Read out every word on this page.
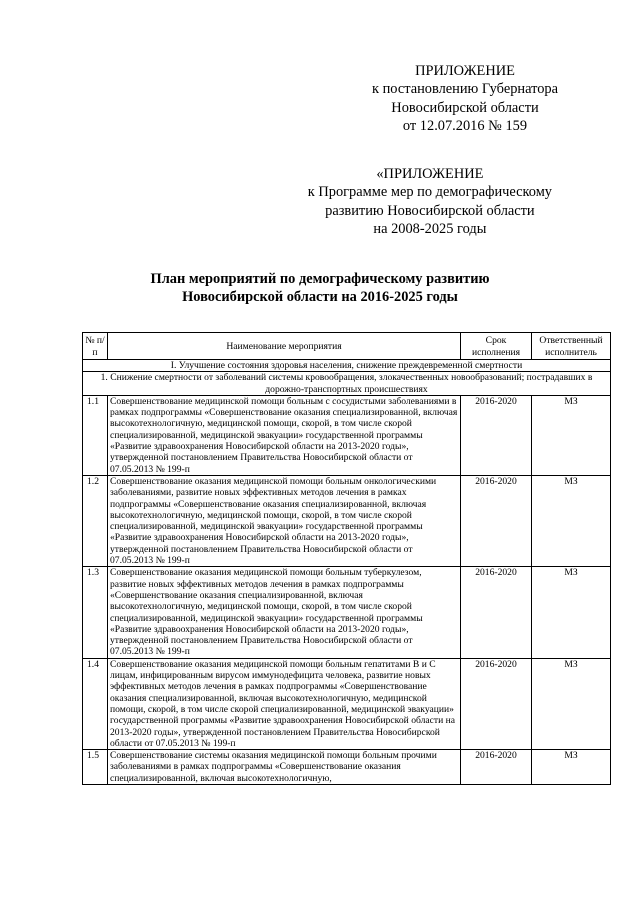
ПРИЛОЖЕНИЕ
к постановлению Губернатора
Новосибирской области
от 12.07.2016 № 159
«ПРИЛОЖЕНИЕ
к Программе мер по демографическому
развитию Новосибирской области
на 2008-2025 годы
План мероприятий по демографическому развитию
Новосибирской области на 2016-2025 годы
№ п/п	Наименование мероприятия	Срок исполнения	Ответственный исполнитель
I. Улучшение состояния здоровья населения, снижение преждевременной смертности			
1. Снижение смертности от заболеваний системы кровообращения, злокачественных новообразований; пострадавших в дорожно-транспортных происшествиях			
1.1	Совершенствование медицинской помощи больным с сосудистыми заболеваниями в рамках подпрограммы «Совершенствование оказания специализированной, включая высокотехнологичную, медицинской помощи, скорой, в том числе скорой специализированной, медицинской эвакуации» государственной программы «Развитие здравоохранения Новосибирской области на 2013-2020 годы», утвержденной постановлением Правительства Новосибирской области от 07.05.2013 № 199-п	2016-2020	МЗ
1.2	Совершенствование оказания медицинской помощи больным онкологическими заболеваниями, развитие новых эффективных методов лечения в рамках подпрограммы «Совершенствование оказания специализированной, включая высокотехнологичную, медицинской помощи, скорой, в том числе скорой специализированной, медицинской эвакуации» государственной программы «Развитие здравоохранения Новосибирской области на 2013-2020 годы», утвержденной постановлением Правительства Новосибирской области от 07.05.2013 № 199-п	2016-2020	МЗ
1.3	Совершенствование оказания медицинской помощи больным туберкулезом, развитие новых эффективных методов лечения в рамках подпрограммы «Совершенствование оказания специализированной, включая высокотехнологичную, медицинской помощи, скорой, в том числе скорой специализированной, медицинской эвакуации» государственной программы «Развитие здравоохранения Новосибирской области на 2013-2020 годы», утвержденной постановлением Правительства Новосибирской области от 07.05.2013 № 199-п	2016-2020	МЗ
1.4	Совершенствование оказания медицинской помощи больным гепатитами В и С лицам, инфицированным вирусом иммунодефицита человека, развитие новых эффективных методов лечения в рамках подпрограммы «Совершенствование оказания специализированной, включая высокотехнологичную, медицинской помощи, скорой, в том числе скорой специализированной, медицинской эвакуации» государственной программы «Развитие здравоохранения Новосибирской области на 2013-2020 годы», утвержденной постановлением Правительства Новосибирской области от 07.05.2013 № 199-п	2016-2020	МЗ
1.5	Совершенствование системы оказания медицинской помощи больным прочими заболеваниями в рамках подпрограммы «Совершенствование оказания специализированной, включая высокотехнологичную,	2016-2020	МЗ
